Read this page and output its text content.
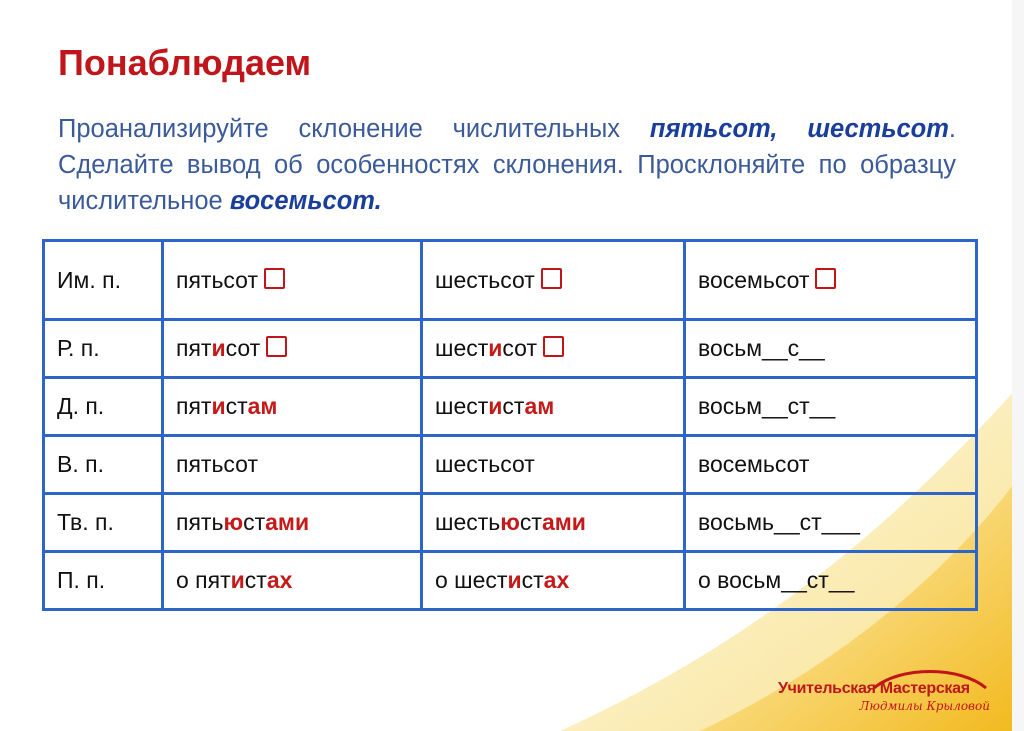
Понаблюдаем

Проанализируйте склонение числительных пятьсот, шестьсот. Сделайте вывод об особенностях склонения. Просклоняйте по образцу числительное восемьсот.

Им. п.	пятьсот	шестьсот	восемьсот
Р. п.	пятисот	шестисот	восьм__с__
Д. п.	пятистам	шестистам	восьм__ст__
В. п.	пятьсот	шестьсот	восемьсот
Тв. п.	пятьюстами	шестьюстами	восьмь__ст___
П. п.	о пятистах	о шестистах	о восьм__ст__
Учительская Мастерская
Людмилы Крыловой
